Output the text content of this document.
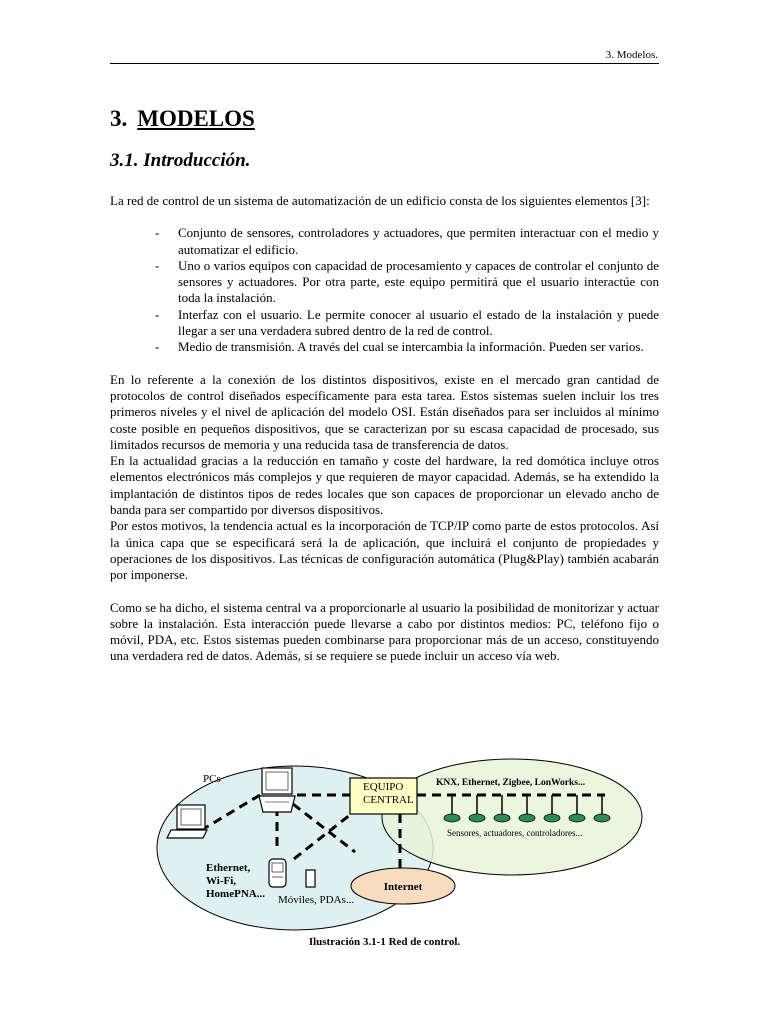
3. Modelos.
3. MODELOS
3.1. Introducción.

La red de control de un sistema de automatización de un edificio consta de los siguientes elementos [3]:

- Conjunto de sensores, controladores y actuadores, que permiten interactuar con el medio y automatizar el edificio.
- Uno o varios equipos con capacidad de procesamiento y capaces de controlar el conjunto de sensores y actuadores. Por otra parte, este equipo permitirá que el usuario interactúe con toda la instalación.
- Interfaz con el usuario. Le permite conocer al usuario el estado de la instalación y puede llegar a ser una verdadera subred dentro de la red de control.
- Medio de transmisión. A través del cual se intercambia la información. Pueden ser varios.

En lo referente a la conexión de los distintos dispositivos, existe en el mercado gran cantidad de protocolos de control diseñados específicamente para esta tarea. Estos sistemas suelen incluir los tres primeros niveles y el nivel de aplicación del modelo OSI. Están diseñados para ser incluidos al mínimo coste posible en pequeños dispositivos, que se caracterizan por su escasa capacidad de procesado, sus limitados recursos de memoria y una reducida tasa de transferencia de datos.

En la actualidad gracias a la reducción en tamaño y coste del hardware, la red domótica incluye otros elementos electrónicos más complejos y que requieren de mayor capacidad. Además, se ha extendido la implantación de distintos tipos de redes locales que son capaces de proporcionar un elevado ancho de banda para ser compartido por diversos dispositivos.

Por estos motivos, la tendencia actual es la incorporación de TCP/IP como parte de estos protocolos. Así la única capa que se especificará será la de aplicación, que incluirá el conjunto de propiedades y operaciones de los dispositivos. Las técnicas de configuración automática (Plug&Play) también acabarán por imponerse.

Como se ha dicho, el sistema central va a proporcionarle al usuario la posibilidad de monitorizar y actuar sobre la instalación. Esta interacción puede llevarse a cabo por distintos medios: PC, teléfono fijo o móvil, PDA, etc. Estos sistemas pueden combinarse para proporcionar más de un acceso, constituyendo una verdadera red de datos. Además, si se requiere se puede incluir un acceso vía web.

EQUIPO
CENTRAL
Internet
PCs	KNX, Ethernet, Zigbee, LonWorks...
Sensores, actuadores, controladores...
Ethernet,
Wi-Fi,
HomePNA... Móviles, PDAs...
Ilustración 3.1-1 Red de control.
